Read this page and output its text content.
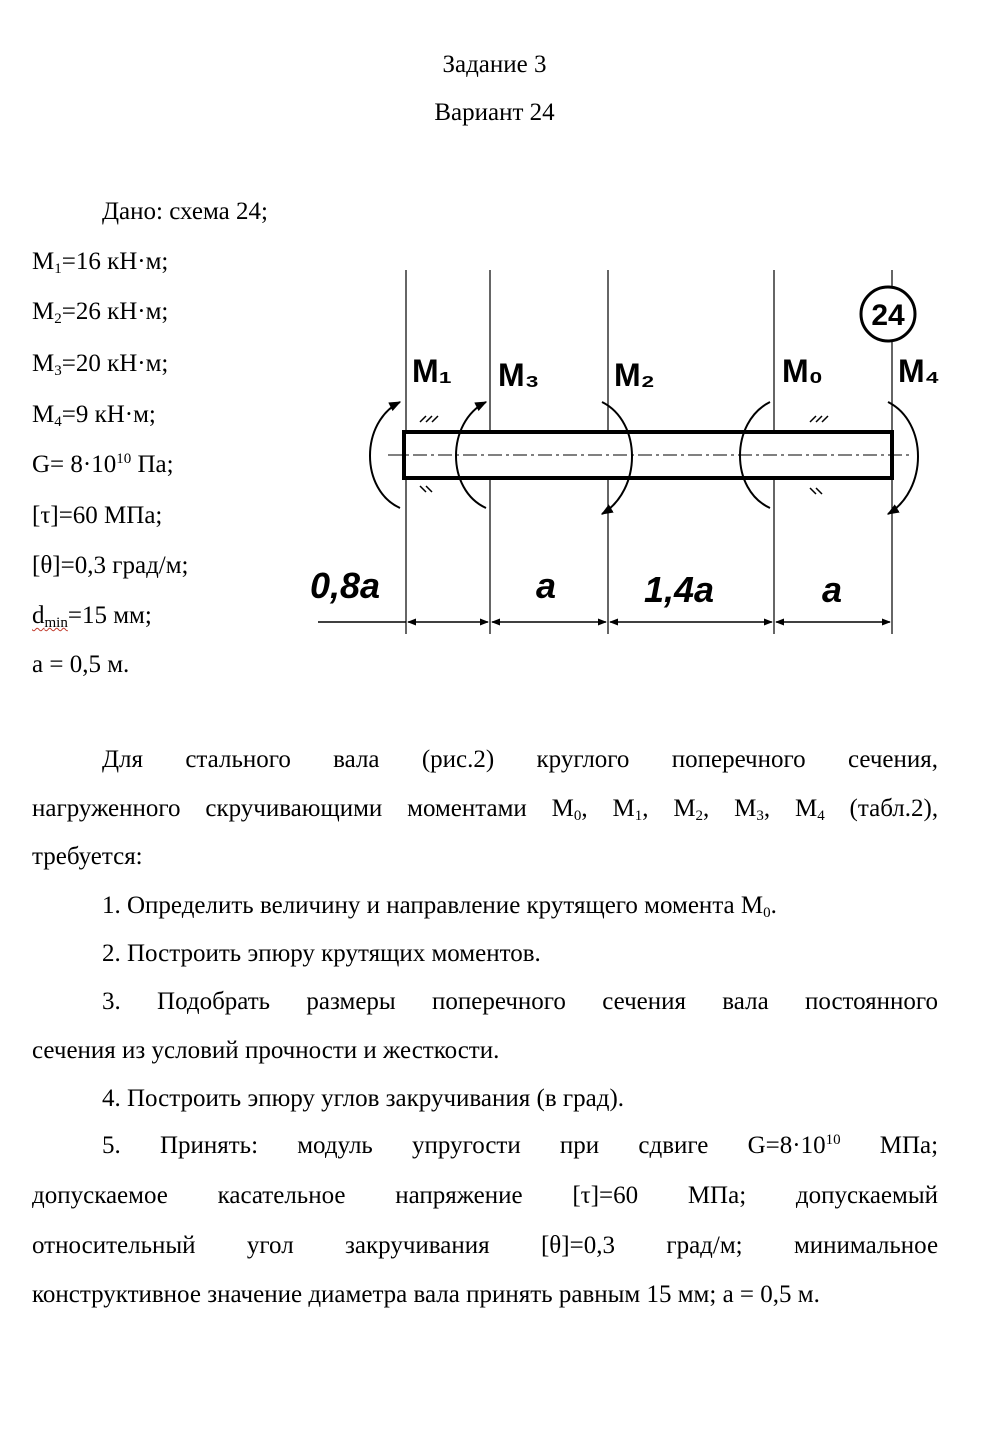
Задание 3
Вариант 24
Дано: схема 24;
$M_1=16$ кН·м;
$M_2=26$ кН·м;
$M_3=20$ кН·м;
$M_4=9$ кН·м;
$G= 8\cdot 10^{10}$ Па;
[τ]=60 МПа;
[θ]=0,3 град/м;
$d_{min}=15$ мм;
а = 0,5 м.
24
M₁ M₃ M₂	M₀ M₄
0,8a	a 1,4a	a
Для стального вала (рис.2) круглого поперечного сечения,
нагруженного скручивающими моментами $M_0$, $M_1$, $M_2$, $M_3$, $M_4$ (табл.2),
требуется:
1. Определить величину и направление крутящего момента $M_0$.
2. Построить эпюру крутящих моментов.
3. Подобрать размеры поперечного сечения вала постоянного
сечения из условий прочности и жесткости.
4. Построить эпюру углов закручивания (в град).
5. Принять: модуль упругости при сдвиге $G=8\cdot 10^{10}$ МПа;
допускаемое касательное напряжение [τ]=60 МПа; допускаемый
относительный угол закручивания [θ]=0,3 град/м; минимальное
конструктивное значение диаметра вала принять равным 15 мм; а = 0,5 м.
